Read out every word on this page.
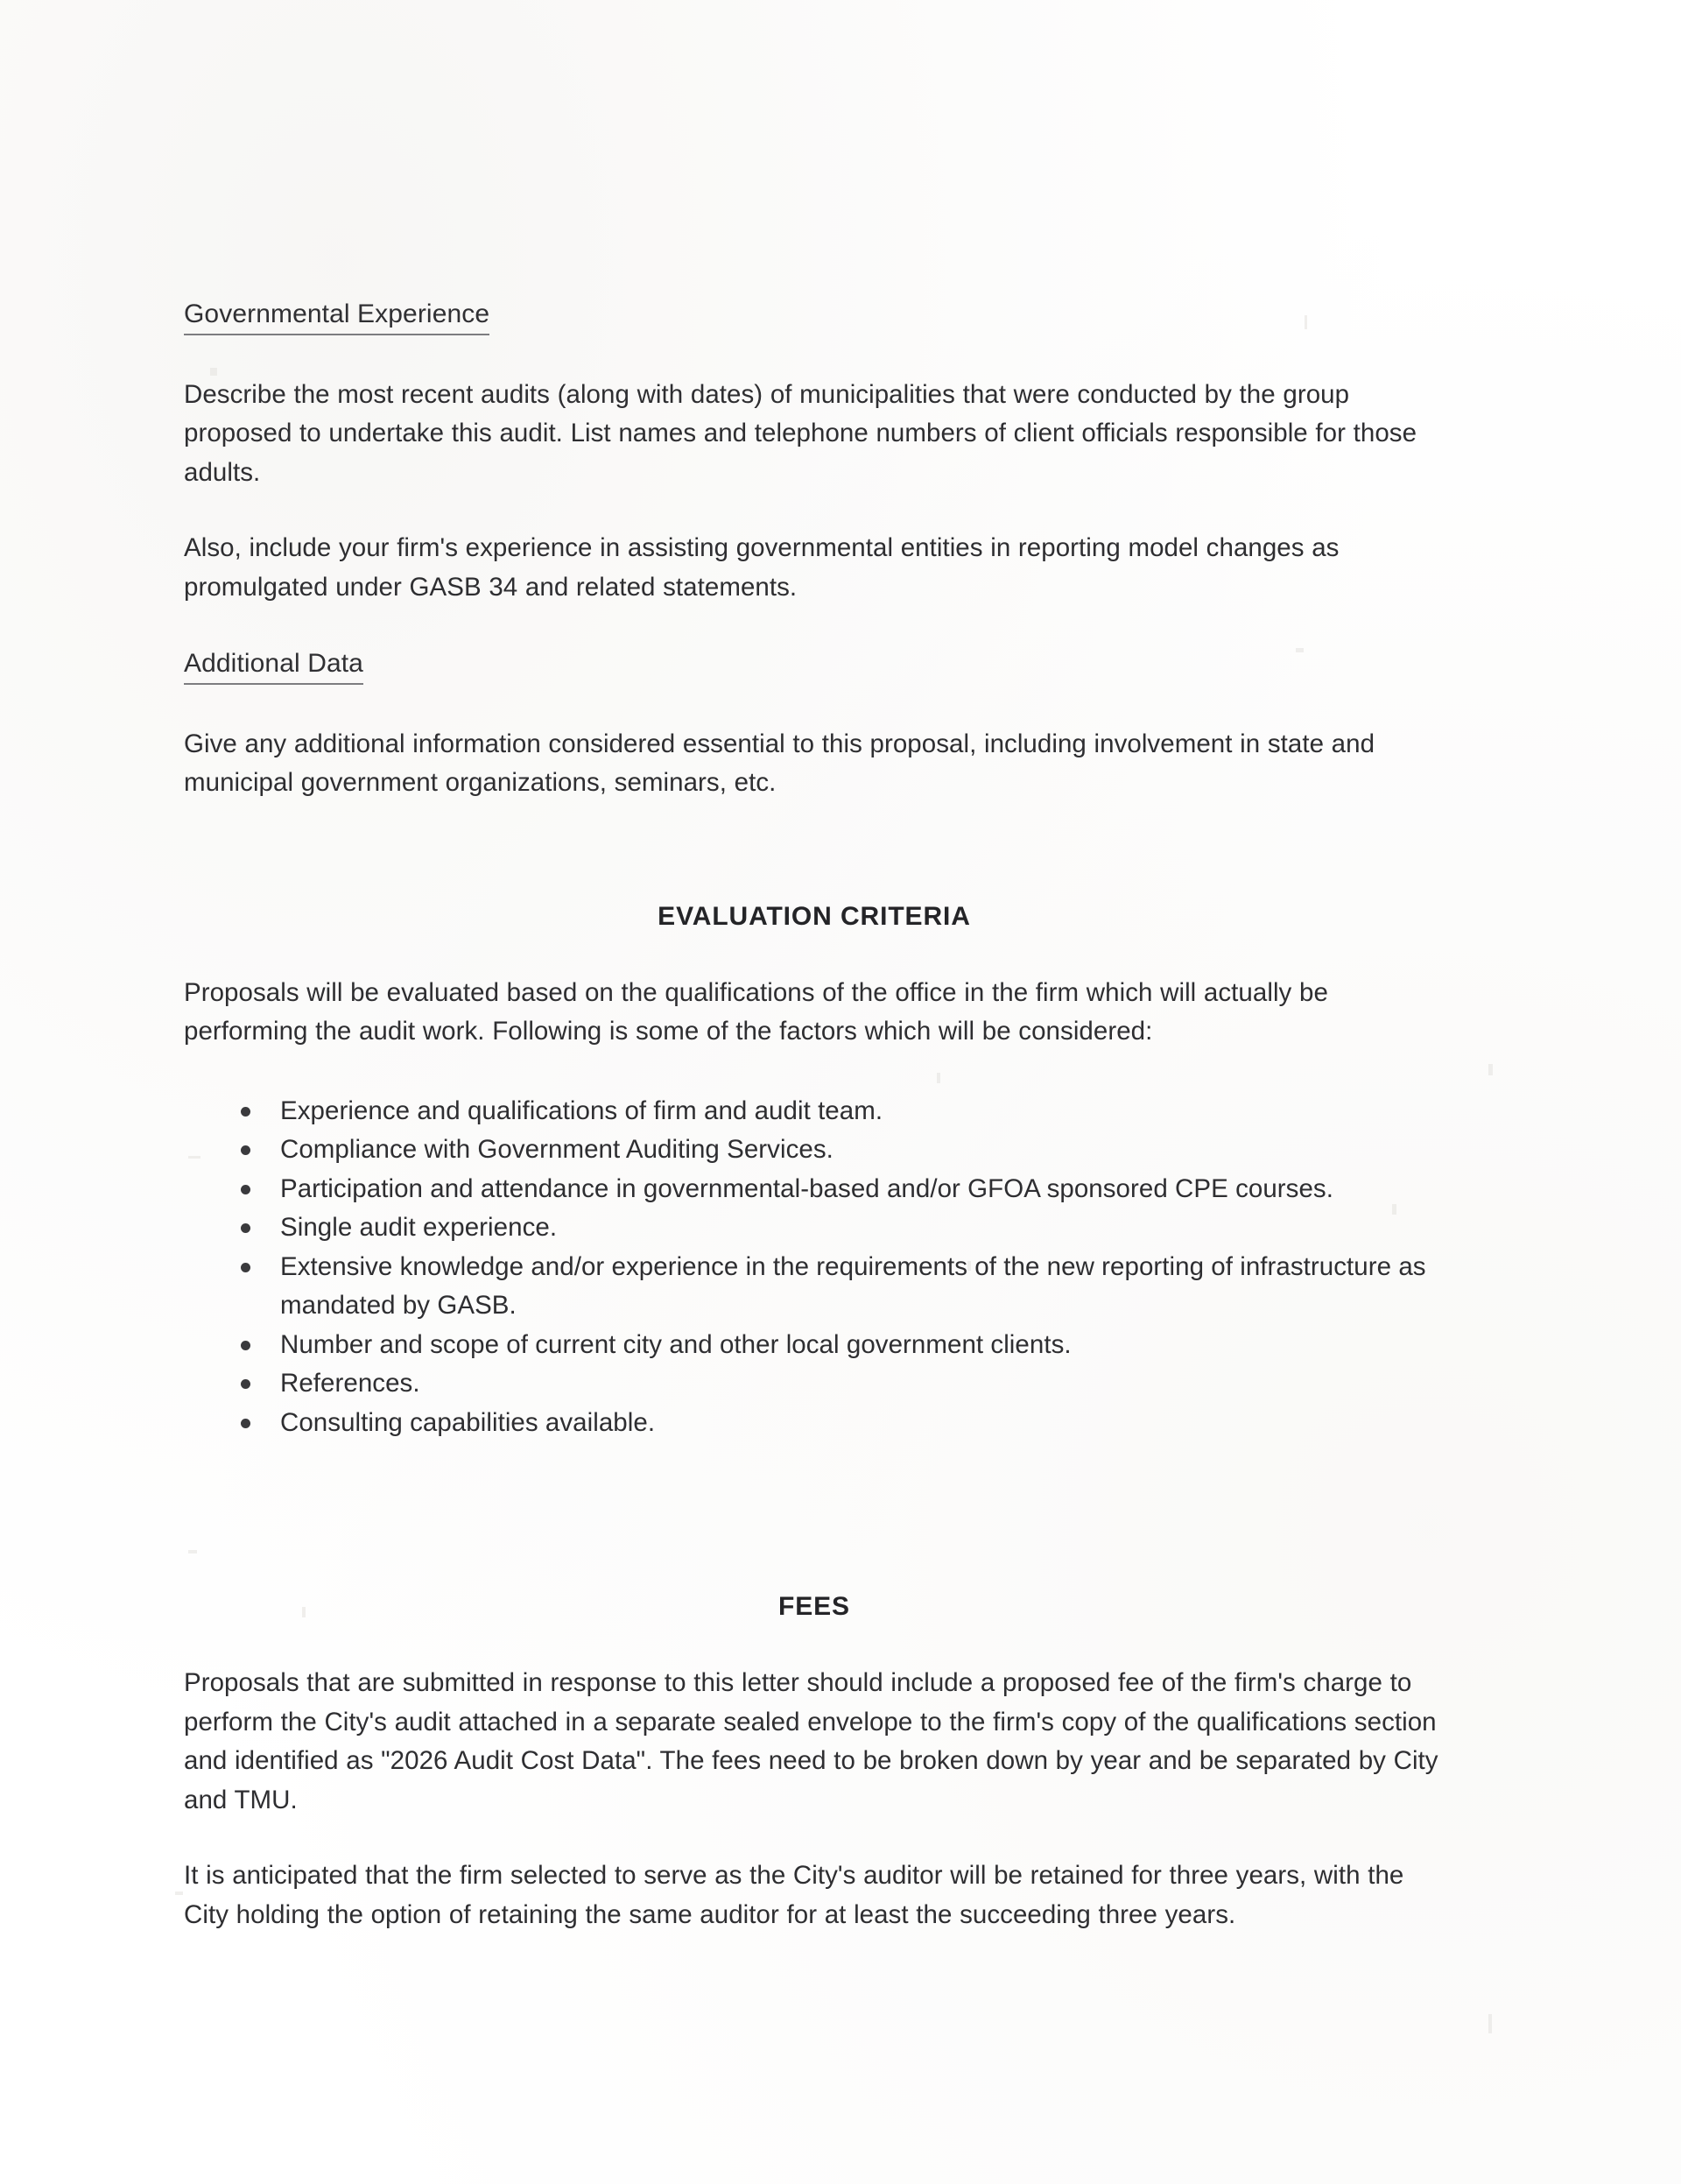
Governmental Experience

Describe the most recent audits (along with dates) of municipalities that were conducted by the group proposed to undertake this audit. List names and telephone numbers of client officials responsible for those adults.

Also, include your firm's experience in assisting governmental entities in reporting model changes as promulgated under GASB 34 and related statements.

Additional Data

Give any additional information considered essential to this proposal, including involvement in state and municipal government organizations, seminars, etc.

EVALUATION CRITERIA

Proposals will be evaluated based on the qualifications of the office in the firm which will actually be performing the audit work. Following is some of the factors which will be considered:

Experience and qualifications of firm and audit team.
Compliance with Government Auditing Services.
Participation and attendance in governmental-based and/or GFOA sponsored CPE courses.
Single audit experience.
Extensive knowledge and/or experience in the requirements of the new reporting of infrastructure as mandated by GASB.
Number and scope of current city and other local government clients.
References.
Consulting capabilities available.
FEES

Proposals that are submitted in response to this letter should include a proposed fee of the firm's charge to perform the City's audit attached in a separate sealed envelope to the firm's copy of the qualifications section and identified as "2026 Audit Cost Data". The fees need to be broken down by year and be separated by City and TMU.

It is anticipated that the firm selected to serve as the City's auditor will be retained for three years, with the City holding the option of retaining the same auditor for at least the succeeding three years.
